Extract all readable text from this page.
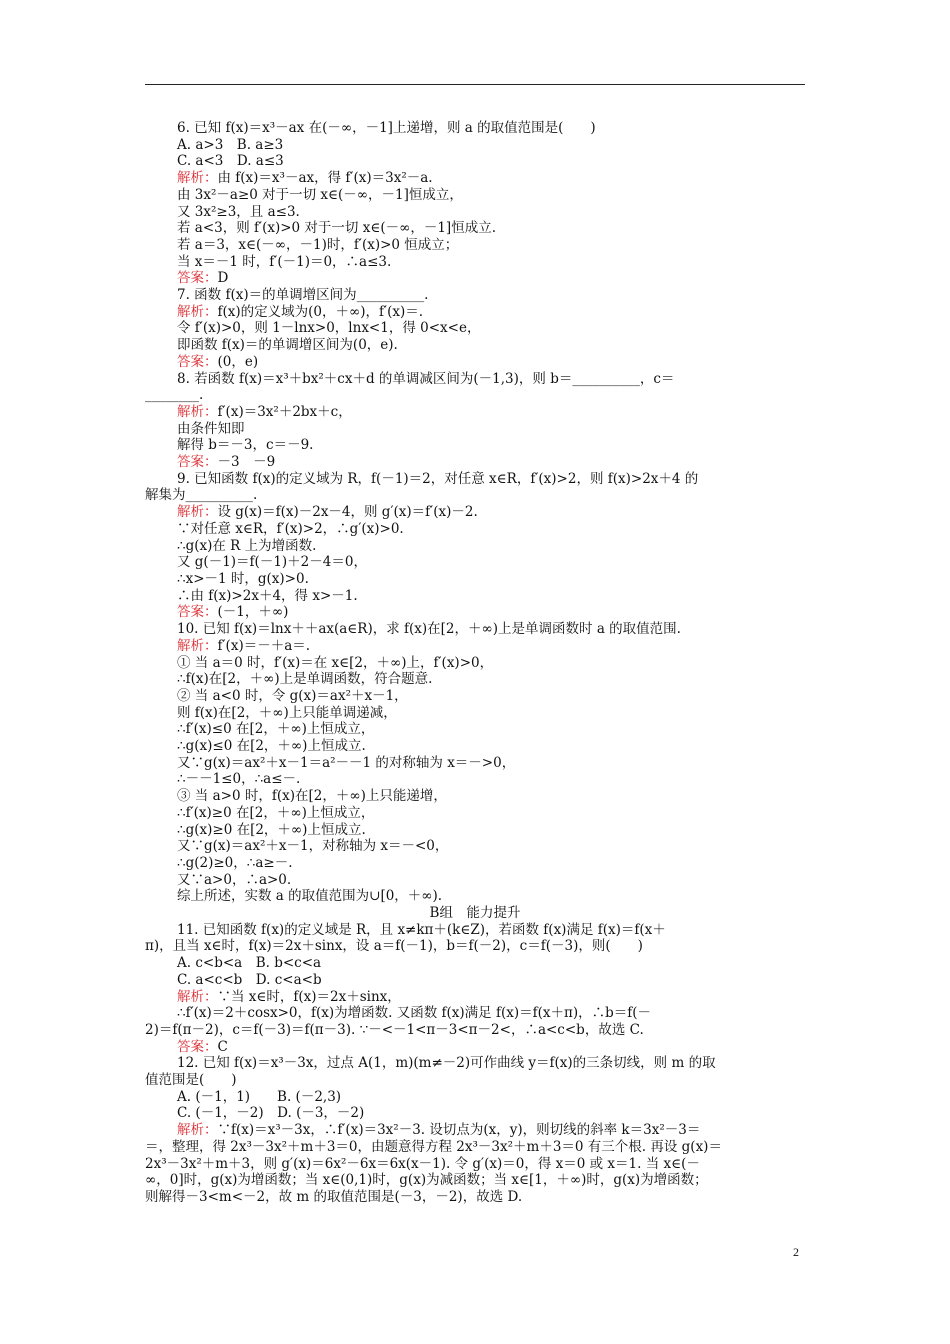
6. 已知 f(x)＝x³－ax 在(－∞，－1]上递增，则 a 的取值范围是(　　)
A. a>3　B. a≥3
C. a<3　D. a≤3
解析：由 f(x)＝x³－ax，得 f′(x)＝3x²－a.
由 3x²－a≥0 对于一切 x∈(－∞，－1]恒成立，
又 3x²≥3，且 a≤3.
若 a<3，则 f′(x)>0 对于一切 x∈(－∞，－1]恒成立.
若 a＝3，x∈(－∞，－1)时，f′(x)>0 恒成立；
当 x＝－1 时，f′(－1)＝0，∴a≤3.
答案：D
7. 函数 f(x)＝的单调增区间为__________.
解析：f(x)的定义域为(0，＋∞)，f′(x)＝.
令 f′(x)>0，则 1－lnx>0，lnx<1，得 0<x<e，
即函数 f(x)＝的单调增区间为(0，e).
答案：(0，e)
8. 若函数 f(x)＝x³＋bx²＋cx＋d 的单调减区间为(－1,3)，则 b＝__________，c＝
________.
解析：f′(x)＝3x²＋2bx＋c，
由条件知即
解得 b＝－3，c＝－9.
答案：－3　－9
9. 已知函数 f(x)的定义域为 R，f(－1)＝2，对任意 x∈R，f′(x)>2，则 f(x)>2x＋4 的
解集为__________.
解析：设 g(x)＝f(x)－2x－4，则 g′(x)＝f′(x)－2.
∵对任意 x∈R，f′(x)>2，∴g′(x)>0.
∴g(x)在 R 上为增函数.
又 g(－1)＝f(－1)＋2－4＝0，
∴x>－1 时，g(x)>0.
∴由 f(x)>2x＋4，得 x>－1.
答案：(－1，＋∞)
10. 已知 f(x)＝lnx＋＋ax(a∈R)，求 f(x)在[2，＋∞)上是单调函数时 a 的取值范围.
解析：f′(x)＝－＋a＝.
① 当 a＝0 时，f′(x)＝在 x∈[2，＋∞)上，f′(x)>0，
∴f(x)在[2，＋∞)上是单调函数，符合题意.
② 当 a<0 时，令 g(x)＝ax²＋x－1，
则 f(x)在[2，＋∞)上只能单调递减，
∴f′(x)≤0 在[2，＋∞)上恒成立，
∴g(x)≤0 在[2，＋∞)上恒成立.
又∵g(x)＝ax²＋x－1＝a²－－1 的对称轴为 x＝－>0，
∴－－1≤0，∴a≤－.
③ 当 a>0 时，f(x)在[2，＋∞)上只能递增，
∴f′(x)≥0 在[2，＋∞)上恒成立，
∴g(x)≥0 在[2，＋∞)上恒成立.
又∵g(x)＝ax²＋x－1，对称轴为 x＝－<0，
∴g(2)≥0，∴a≥－.
又∵a>0，∴a>0.
综上所述，实数 a 的取值范围为∪[0，＋∞).
B组　能力提升
11. 已知函数 f(x)的定义域是 R，且 x≠kπ＋(k∈Z)，若函数 f(x)满足 f(x)＝f(x＋
π)，且当 x∈时，f(x)＝2x＋sinx，设 a＝f(－1)，b＝f(－2)，c＝f(－3)，则(　　)
A. c<b<a　B. b<c<a
C. a<c<b　D. c<a<b
解析：∵当 x∈时，f(x)＝2x＋sinx，
∴f′(x)＝2＋cosx>0，f(x)为增函数. 又函数 f(x)满足 f(x)＝f(x＋π)，∴b＝f(－
2)＝f(π－2)，c＝f(－3)＝f(π－3). ∵－<－1<π－3<π－2<，∴a<c<b，故选 C.
答案：C
12. 已知 f(x)＝x³－3x，过点 A(1，m)(m≠－2)可作曲线 y＝f(x)的三条切线，则 m 的取
值范围是(　　)
A. (－1，1)　　B. (－2,3)
C. (－1，－2)　D. (－3，－2)
解析：∵f(x)＝x³－3x，∴f′(x)＝3x²－3. 设切点为(x，y)，则切线的斜率 k＝3x²－3＝
＝，整理，得 2x³－3x²＋m＋3＝0，由题意得方程 2x³－3x²＋m＋3＝0 有三个根. 再设 g(x)＝
2x³－3x²＋m＋3，则 g′(x)＝6x²－6x＝6x(x－1). 令 g′(x)＝0，得 x＝0 或 x＝1. 当 x∈(－
∞，0]时，g(x)为增函数；当 x∈(0,1)时，g(x)为减函数；当 x∈[1，＋∞)时，g(x)为增函数；
则解得－3<m<－2，故 m 的取值范围是(－3，－2)，故选 D.
2
